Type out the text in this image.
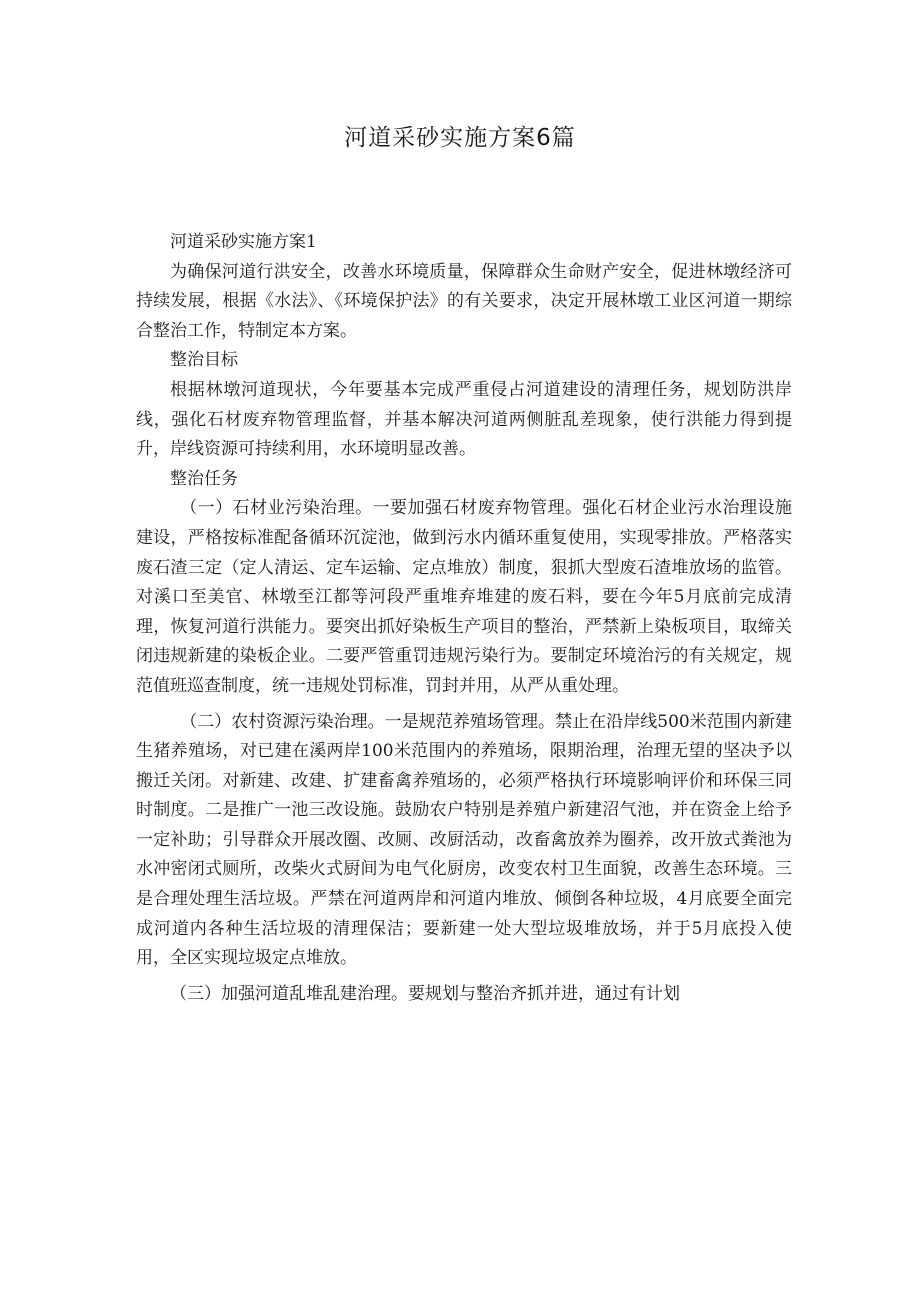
河道采砂实施方案6篇

河道采砂实施方案1

为确保河道行洪安全，改善水环境质量，保障群众生命财产安全，促进林墩经济可持续发展，根据《水法》、《环境保护法》的有关要求，决定开展林墩工业区河道一期综合整治工作，特制定本方案。

整治目标

根据林墩河道现状，今年要基本完成严重侵占河道建设的清理任务，规划防洪岸线，强化石材废弃物管理监督，并基本解决河道两侧脏乱差现象，使行洪能力得到提升，岸线资源可持续利用，水环境明显改善。

整治任务

（一）石材业污染治理。一要加强石材废弃物管理。强化石材企业污水治理设施建设，严格按标准配备循环沉淀池，做到污水内循环重复使用，实现零排放。严格落实废石渣三定（定人清运、定车运输、定点堆放）制度，狠抓大型废石渣堆放场的监管。对溪口至美官、林墩至江都等河段严重堆弃堆建的废石料，要在今年5月底前完成清理，恢复河道行洪能力。要突出抓好染板生产项目的整治，严禁新上染板项目，取缔关闭违规新建的染板企业。二要严管重罚违规污染行为。要制定环境治污的有关规定，规范值班巡查制度，统一违规处罚标准，罚封并用，从严从重处理。

（二）农村资源污染治理。一是规范养殖场管理。禁止在沿岸线500米范围内新建生猪养殖场，对已建在溪两岸100米范围内的养殖场，限期治理，治理无望的坚决予以搬迁关闭。对新建、改建、扩建畜禽养殖场的，必须严格执行环境影响评价和环保三同时制度。二是推广一池三改设施。鼓励农户特别是养殖户新建沼气池，并在资金上给予一定补助；引导群众开展改圈、改厕、改厨活动，改畜禽放养为圈养，改开放式粪池为水冲密闭式厕所，改柴火式厨间为电气化厨房，改变农村卫生面貌，改善生态环境。三是合理处理生活垃圾。严禁在河道两岸和河道内堆放、倾倒各种垃圾，4月底要全面完成河道内各种生活垃圾的清理保洁；要新建一处大型垃圾堆放场，并于5月底投入使用，全区实现垃圾定点堆放。

（三）加强河道乱堆乱建治理。要规划与整治齐抓并进，通过有计划
